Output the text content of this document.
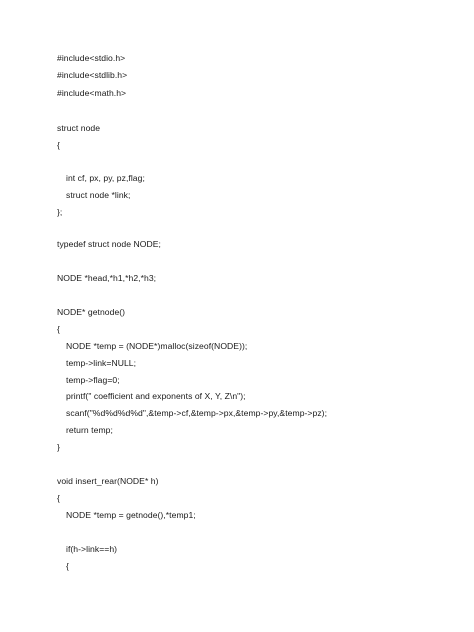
#include<stdio.h>
#include<stdlib.h>
#include<math.h>
struct node
{
int cf, px, py, pz,flag;
struct node *link;
};
typedef struct node NODE;
NODE *head,*h1,*h2,*h3;
NODE* getnode()
{
NODE *temp = (NODE*)malloc(sizeof(NODE));
temp->link=NULL;
temp->flag=0;
printf(" coefficient and exponents of X, Y, Z\n");
scanf("%d%d%d%d",&temp->cf,&temp->px,&temp->py,&temp->pz);
return temp;
}
void insert_rear(NODE* h)
{
NODE *temp = getnode(),*temp1;
if(h->link==h)
{
